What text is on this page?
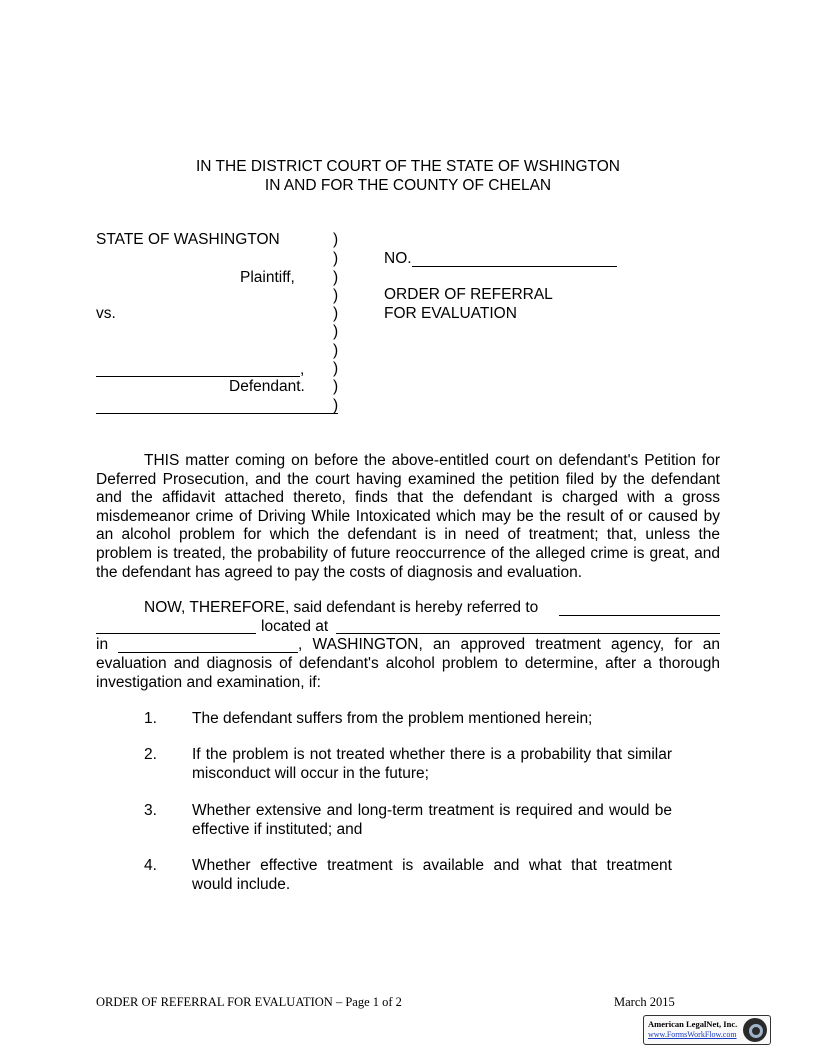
IN THE DISTRICT COURT OF THE STATE OF WSHINGTON
IN AND FOR THE COUNTY OF CHELAN
STATE OF WASHINGTON
Plaintiff,
vs.
,
Defendant.
)
)
)
)
)
)
)
)
)
)
NO.
ORDER OF REFERRAL
FOR EVALUATION
THIS matter coming on before the above-entitled court on defendant's Petition for Deferred Prosecution, and the court having examined the petition filed by the defendant and the affidavit attached thereto, finds that the defendant is charged with a gross misdemeanor crime of Driving While Intoxicated which may be the result of or caused by an alcohol problem for which the defendant is in need of treatment; that, unless the problem is treated, the probability of future reoccurrence of the alleged crime is great, and the defendant has agreed to pay the costs of diagnosis and evaluation.
NOW, THEREFORE, said defendant is hereby referred to
located at
in	, WASHINGTON, an approved treatment agency, for an
evaluation and diagnosis of defendant's alcohol problem to determine, after a thorough investigation and examination, if:
1. The defendant suffers from the problem mentioned herein;
2. If the problem is not treated whether there is a probability that similar misconduct will occur in the future;
3. Whether extensive and long-term treatment is required and would be effective if instituted; and
4. Whether effective treatment is available and what that treatment would include.
ORDER OF REFERRAL FOR EVALUATION – Page 1 of 2	March 2015
American LegalNet, Inc.
www.FormsWorkFlow.com
